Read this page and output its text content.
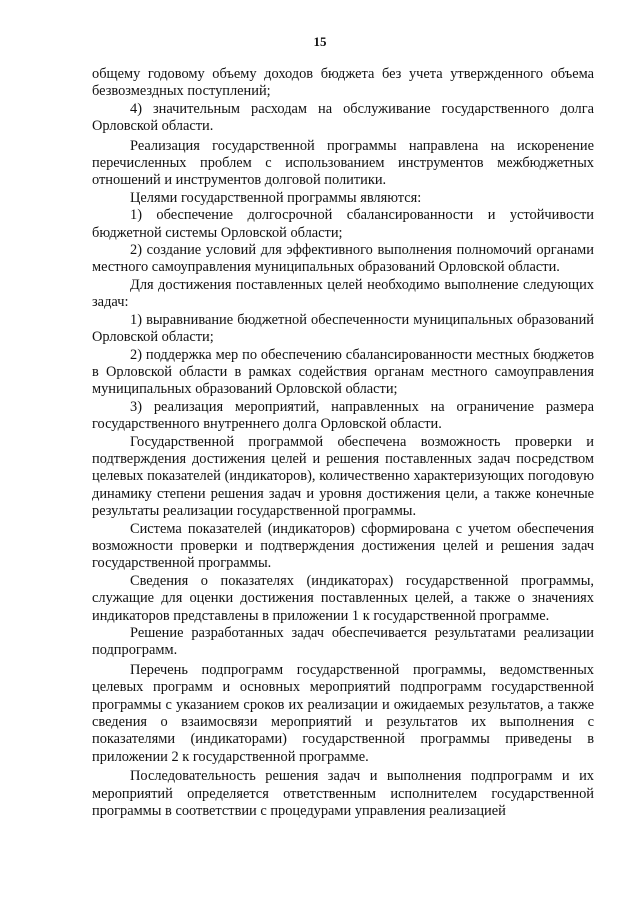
15

общему годовому объему доходов бюджета без учета утвержденного объема безвозмездных поступлений;

4) значительным расходам на обслуживание государственного долга Орловской области.

Реализация государственной программы направлена на искоренение перечисленных проблем с использованием инструментов межбюджетных отношений и инструментов долговой политики.

Целями государственной программы являются:

1) обеспечение долгосрочной сбалансированности и устойчивости бюджетной системы Орловской области;

2) создание условий для эффективного выполнения полномочий органами местного самоуправления муниципальных образований Орловской области.

Для достижения поставленных целей необходимо выполнение следующих задач:

1) выравнивание бюджетной обеспеченности муниципальных образований Орловской области;

2) поддержка мер по обеспечению сбалансированности местных бюджетов в Орловской области в рамках содействия органам местного самоуправления муниципальных образований Орловской области;

3) реализация мероприятий, направленных на ограничение размера государственного внутреннего долга Орловской области.

Государственной программой обеспечена возможность проверки и подтверждения достижения целей и решения поставленных задач посредством целевых показателей (индикаторов), количественно характеризующих погодовую динамику степени решения задач и уровня достижения цели, а также конечные результаты реализации государственной программы.

Система показателей (индикаторов) сформирована с учетом обеспечения возможности проверки и подтверждения достижения целей и решения задач государственной программы.

Сведения о показателях (индикаторах) государственной программы, служащие для оценки достижения поставленных целей, а также о значениях индикаторов представлены в приложении 1 к государственной программе.

Решение разработанных задач обеспечивается результатами реализации подпрограмм.

Перечень подпрограмм государственной программы, ведомственных целевых программ и основных мероприятий подпрограмм государственной программы с указанием сроков их реализации и ожидаемых результатов, а также сведения о взаимосвязи мероприятий и результатов их выполнения с показателями (индикаторами) государственной программы приведены в приложении 2 к государственной программе.

Последовательность решения задач и выполнения подпрограмм и их мероприятий определяется ответственным исполнителем государственной программы в соответствии с процедурами управления реализацией
